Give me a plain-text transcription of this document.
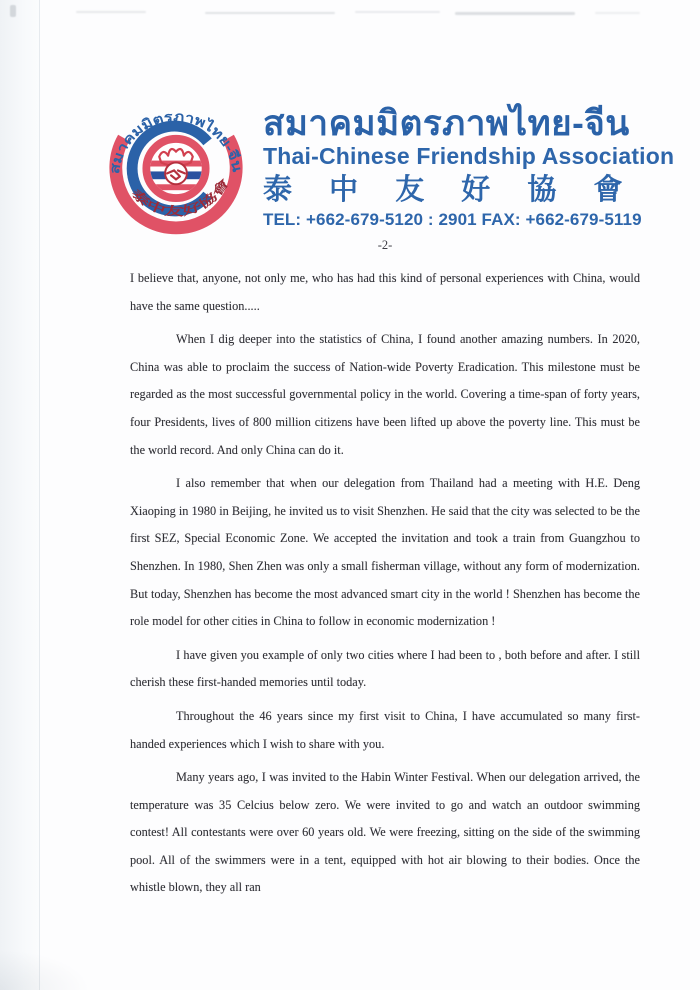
สมาคมมิตรภาพไทย-จีน
泰中友好協會
สมาคมมิตรภาพไทย-จีน
Thai-Chinese Friendship Association
泰 中 友 好 協 會
TEL: +662-679-5120 : 2901 FAX: +662-679-5119
-2-

I believe that, anyone, not only me, who has had this kind of personal experiences with China, would have the same question.....

When I dig deeper into the statistics of China, I found another amazing numbers. In 2020, China was able to proclaim the success of Nation-wide Poverty Eradication. This milestone must be regarded as the most successful governmental policy in the world. Covering a time-span of forty years, four Presidents, lives of 800 million citizens have been lifted up above the poverty line. This must be the world record. And only China can do it.

I also remember that when our delegation from Thailand had a meeting with H.E. Deng Xiaoping in 1980 in Beijing, he invited us to visit Shenzhen. He said that the city was selected to be the first SEZ, Special Economic Zone. We accepted the invitation and took a train from Guangzhou to Shenzhen. In 1980, Shen Zhen was only a small fisherman village, without any form of modernization. But today, Shenzhen has become the most advanced smart city in the world ! Shenzhen has become the role model for other cities in China to follow in economic modernization !

I have given you example of only two cities where I had been to , both before and after. I still cherish these first-handed memories until today.

Throughout the 46 years since my first visit to China, I have accumulated so many first-handed experiences which I wish to share with you.

Many years ago, I was invited to the Habin Winter Festival. When our delegation arrived, the temperature was 35 Celcius below zero. We were invited to go and watch an outdoor swimming contest! All contestants were over 60 years old. We were freezing, sitting on the side of the swimming pool. All of the swimmers were in a tent, equipped with hot air blowing to their bodies. Once the whistle blown, they all ran
